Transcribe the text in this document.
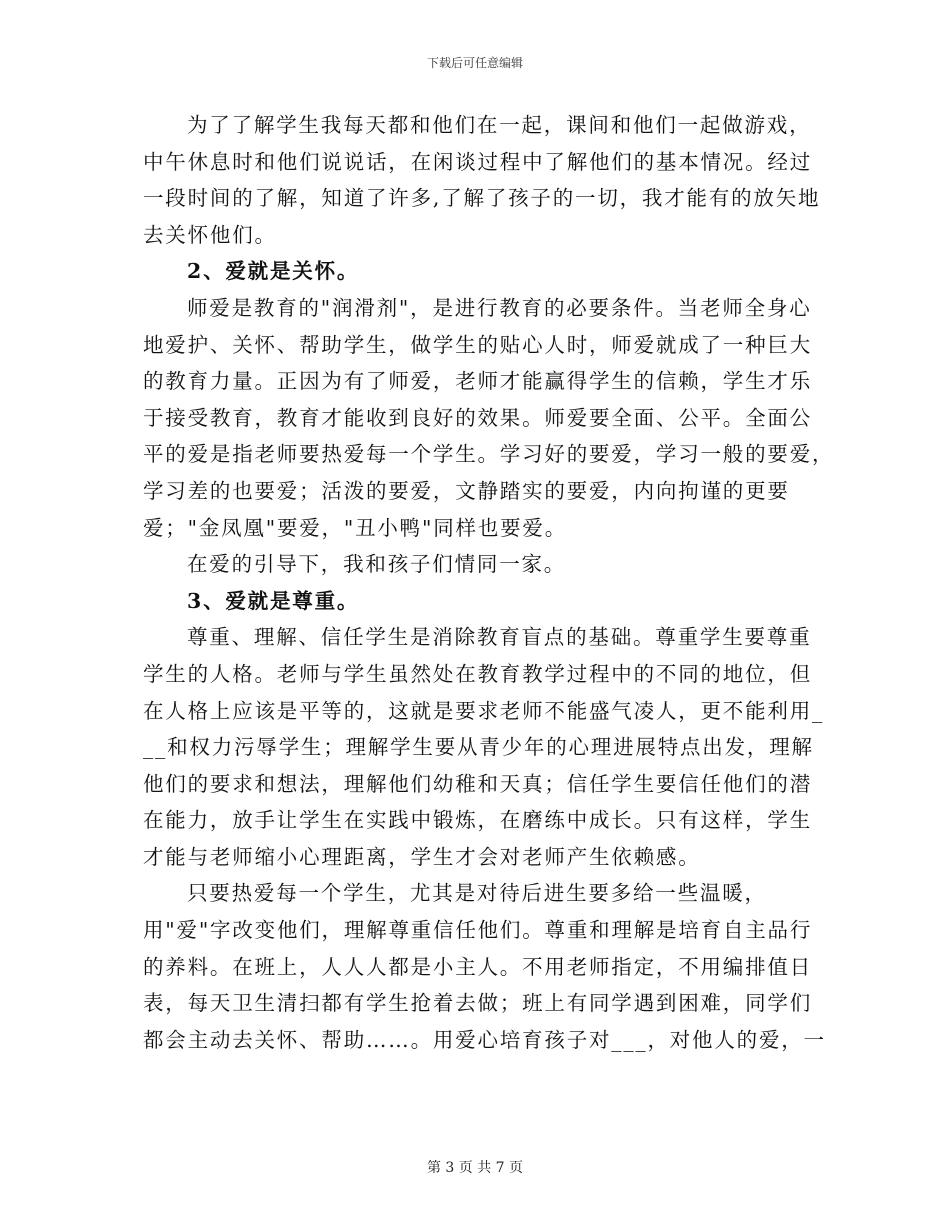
下载后可任意编辑

为了了解学生我每天都和他们在一起，课间和他们一起做游戏，
中午休息时和他们说说话，在闲谈过程中了解他们的基本情况。经过
一段时间的了解，知道了许多,了解了孩子的一切，我才能有的放矢地
去关怀他们。

2、爱就是关怀。

师爱是教育的"润滑剂"，是进行教育的必要条件。当老师全身心
地爱护、关怀、帮助学生，做学生的贴心人时，师爱就成了一种巨大
的教育力量。正因为有了师爱，老师才能赢得学生的信赖，学生才乐
于接受教育，教育才能收到良好的效果。师爱要全面、公平。全面公
平的爱是指老师要热爱每一个学生。学习好的要爱，学习一般的要爱，
学习差的也要爱；活泼的要爱，文静踏实的要爱，内向拘谨的更要
爱；"金凤凰"要爱，"丑小鸭"同样也要爱。

在爱的引导下，我和孩子们情同一家。

3、爱就是尊重。

尊重、理解、信任学生是消除教育盲点的基础。尊重学生要尊重
学生的人格。老师与学生虽然处在教育教学过程中的不同的地位，但
在人格上应该是平等的，这就是要求老师不能盛气凌人，更不能利用_
__和权力污辱学生；理解学生要从青少年的心理进展特点出发，理解
他们的要求和想法，理解他们幼稚和天真；信任学生要信任他们的潜
在能力，放手让学生在实践中锻炼，在磨练中成长。只有这样，学生
才能与老师缩小心理距离，学生才会对老师产生依赖感。

只要热爱每一个学生，尤其是对待后进生要多给一些温暖，
用"爱"字改变他们，理解尊重信任他们。尊重和理解是培育自主品行
的养料。在班上，人人人都是小主人。不用老师指定，不用编排值日
表，每天卫生清扫都有学生抢着去做；班上有同学遇到困难，同学们
都会主动去关怀、帮助……。用爱心培育孩子对___，对他人的爱，一

第 3 页 共 7 页
